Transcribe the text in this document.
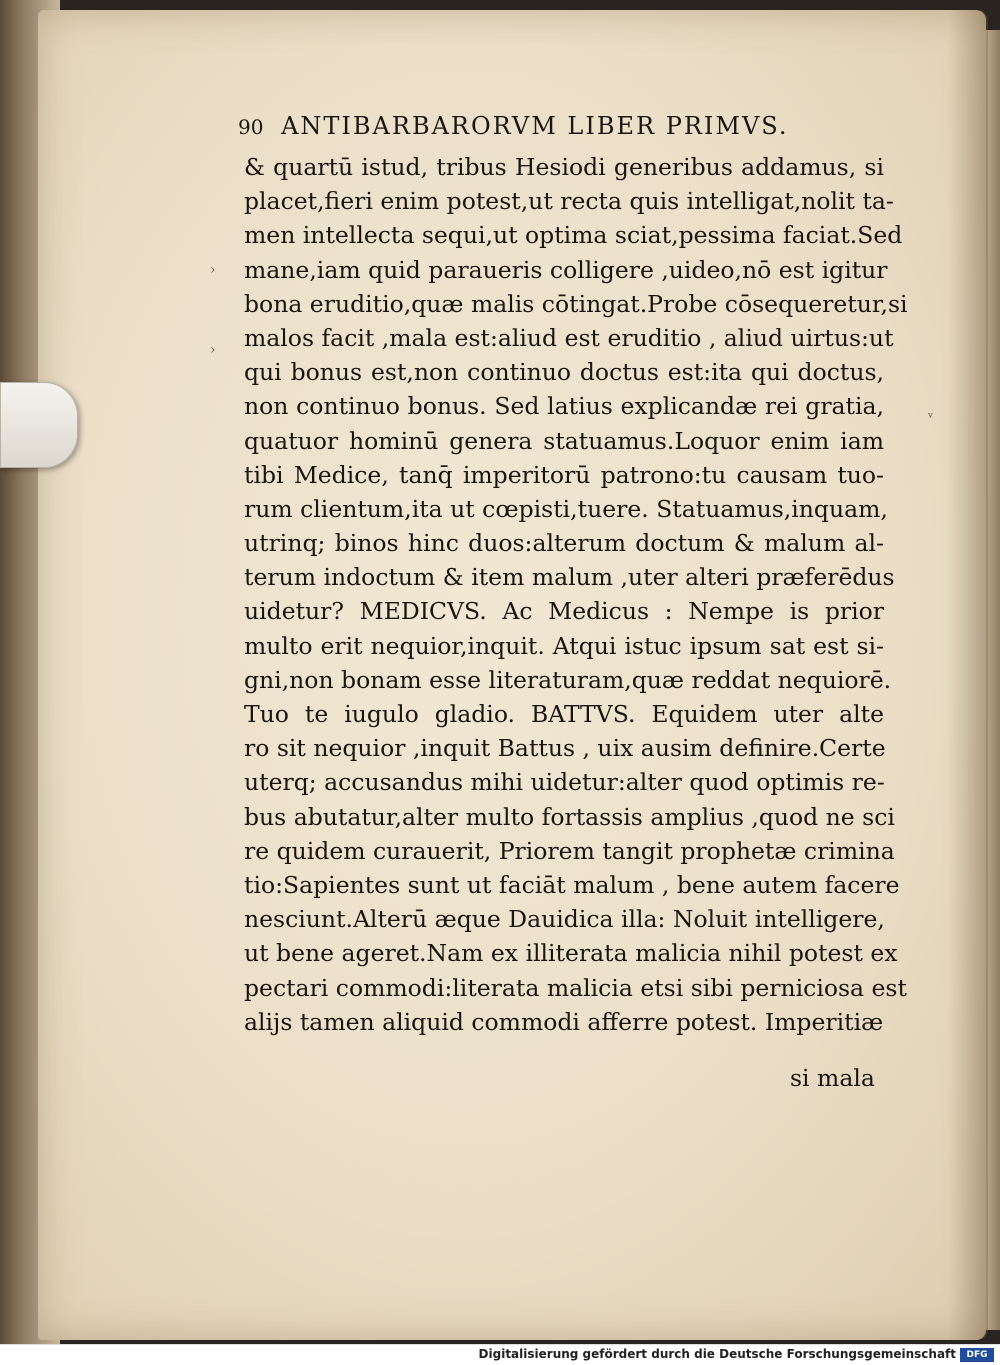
90 ANTIBARBARORVM LIBER PRIMVS.
& quartū istud, tribus Hesiodi generibus addamus, si
placet,fieri enim potest,ut recta quis intelligat,nolit ta-
men intellecta sequi,ut optima sciat,pessima faciat.Sed
mane,iam quid paraueris colligere ,uideo,nō est igitur
bona eruditio,quæ malis cōtingat.Probe cōsequeretur,si
malos facit ,mala est:aliud est eruditio , aliud uirtus:ut
qui bonus est,non continuo doctus est:ita qui doctus,
non continuo bonus. Sed latius explicandæ rei gratia,
quatuor hominū genera statuamus.Loquor enim iam
tibi Medice, tanq̄ imperitorū patrono:tu causam tuo-
rum clientum,ita ut cœpisti,tuere. Statuamus,inquam,
utrinq; binos hinc duos:alterum doctum & malum al-
terum indoctum & item malum ,uter alteri præferēdus
uidetur? MEDICVS. Ac Medicus : Nempe is prior
multo erit nequior,inquit. Atqui istuc ipsum sat est si-
gni,non bonam esse literaturam,quæ reddat nequiorē.
Tuo te iugulo gladio. BATTVS. Equidem uter alte
ro sit nequior ,inquit Battus , uix ausim definire.Certe
uterq; accusandus mihi uidetur:alter quod optimis re-
bus abutatur,alter multo fortassis amplius ,quod ne sci
re quidem curauerit, Priorem tangit prophetæ crimina
tio:Sapientes sunt ut faciāt malum , bene autem facere
nesciunt.Alterū æque Dauidica illa: Noluit intelligere,
ut bene ageret.Nam ex illiterata malicia nihil potest ex
pectari commodi:literata malicia etsi sibi perniciosa est
alijs tamen aliquid commodi afferre potest. Imperitiæ
si mala
›
›
ᵛ
Digitalisierung gefördert durch die Deutsche Forschungsgemeinschaft	DFG
